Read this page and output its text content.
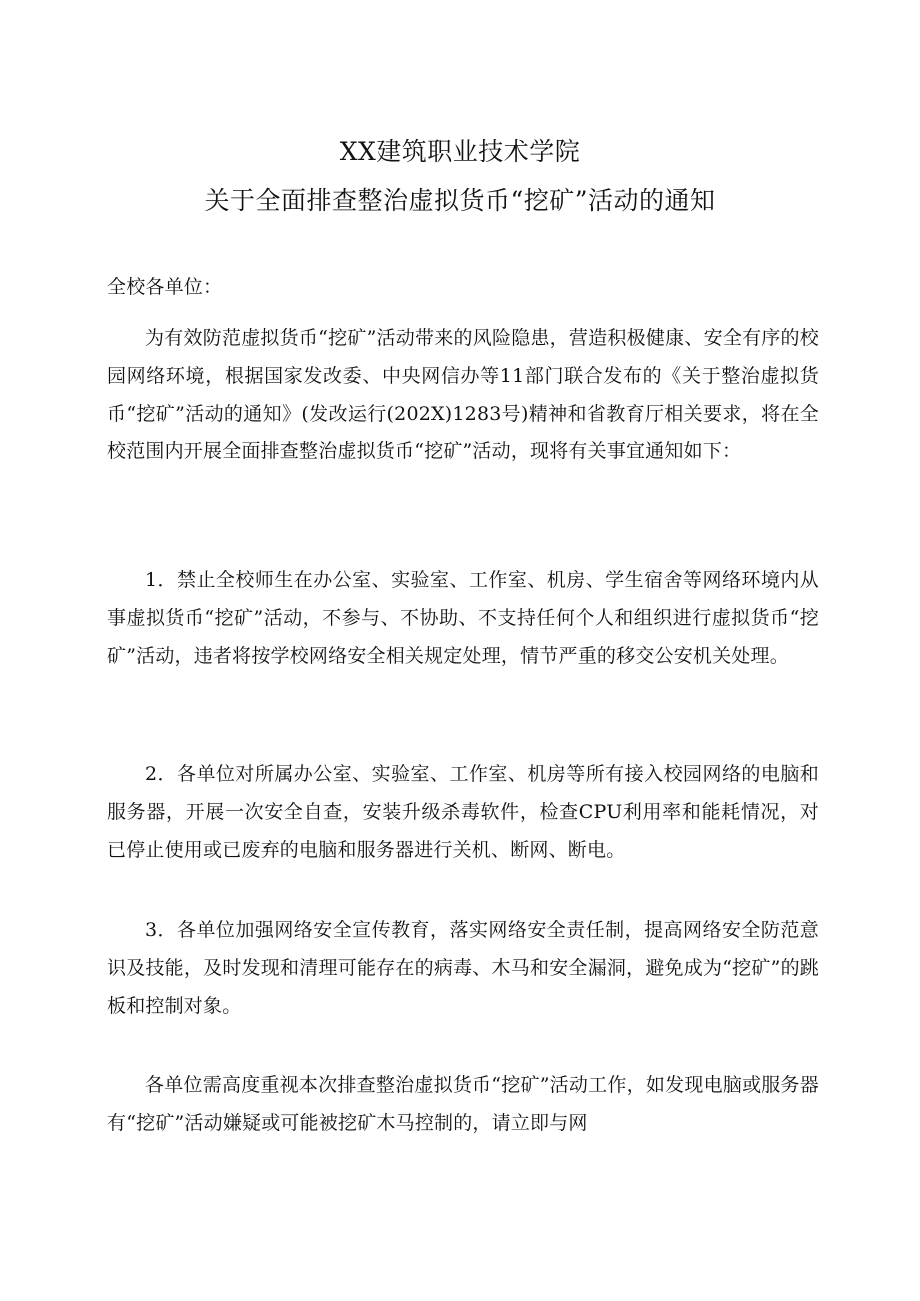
XX建筑职业技术学院
关于全面排查整治虚拟货币“挖矿”活动的通知
全校各单位：
为有效防范虚拟货币“挖矿”活动带来的风险隐患，营造积极健康、安全有序的校园网络环境，根据国家发改委、中央网信办等11部门联合发布的《关于整治虚拟货币“挖矿”活动的通知》(发改运行(202X)1283号)精神和省教育厅相关要求，将在全校范围内开展全面排查整治虚拟货币“挖矿”活动，现将有关事宜通知如下：
1．禁止全校师生在办公室、实验室、工作室、机房、学生宿舍等网络环境内从事虚拟货币“挖矿”活动，不参与、不协助、不支持任何个人和组织进行虚拟货币“挖矿”活动，违者将按学校网络安全相关规定处理，情节严重的移交公安机关处理。
2．各单位对所属办公室、实验室、工作室、机房等所有接入校园网络的电脑和服务器，开展一次安全自查，安装升级杀毒软件，检查CPU利用率和能耗情况，对已停止使用或已废弃的电脑和服务器进行关机、断网、断电。
3．各单位加强网络安全宣传教育，落实网络安全责任制，提高网络安全防范意识及技能，及时发现和清理可能存在的病毒、木马和安全漏洞，避免成为“挖矿”的跳板和控制对象。
各单位需高度重视本次排查整治虚拟货币“挖矿”活动工作，如发现电脑或服务器有“挖矿”活动嫌疑或可能被挖矿木马控制的，请立即与网
